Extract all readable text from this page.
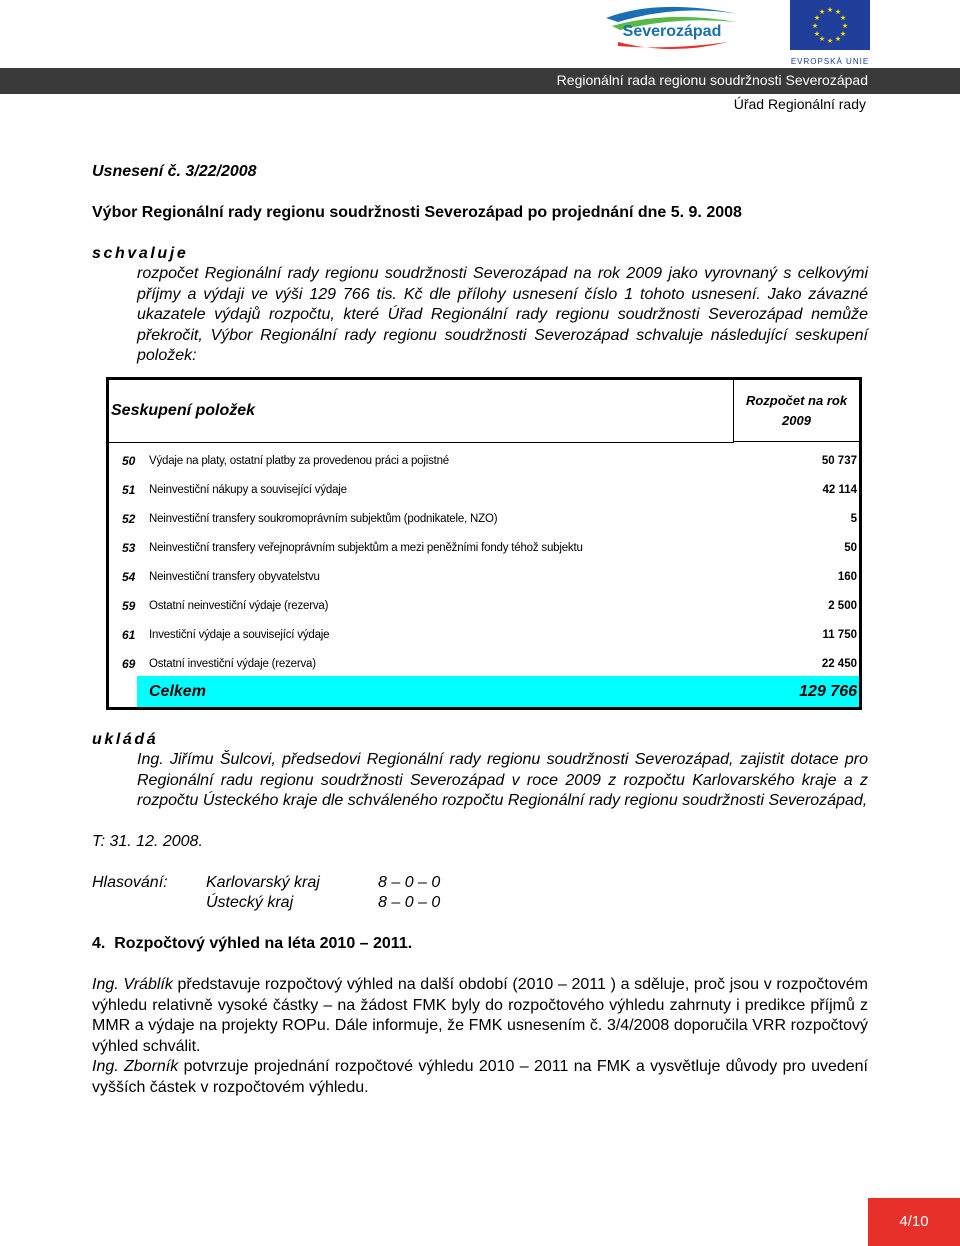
Severozápad
★ ★
★
★
★
★
★
★
★
★
★
★
EVROPSKÁ UNIE
Regionální rada regionu soudržnosti Severozápad
Úřad Regionální rady
Usnesení č. 3/22/2008
Výbor Regionální rady regionu soudržnosti Severozápad po projednání dne 5. 9. 2008
schvaluje
rozpočet Regionální rady regionu soudržnosti Severozápad na rok 2009 jako vyrovnaný s celkovými příjmy a výdaji ve výši 129 766 tis. Kč dle přílohy usnesení číslo 1 tohoto usnesení. Jako závazné ukazatele výdajů rozpočtu, které Úřad Regionální rady regionu soudržnosti Severozápad nemůže překročit, Výbor Regionální rady regionu soudržnosti Severozápad schvaluje následující seskupení položek:
Seskupení položek
Rozpočet na rok
2009
50 Výdaje na platy, ostatní platby za provedenou práci a pojistné	50 737
51 Neinvestiční nákupy a související výdaje	42 114
52 Neinvestiční transfery soukromoprávním subjektům (podnikatele, NZO)	5
53 Neinvestiční transfery veřejnoprávním subjektům a mezi peněžními fondy téhož subjektu	50
54 Neinvestiční transfery obyvatelstvu	160
59 Ostatní neinvestiční výdaje (rezerva)	2 500
61 Investiční výdaje a související výdaje	11 750
69 Ostatní investiční výdaje (rezerva)	22 450
Celkem	129 766
ukládá
Ing. Jiřímu Šulcovi, předsedovi Regionální rady regionu soudržnosti Severozápad, zajistit dotace pro Regionální radu regionu soudržnosti Severozápad v roce 2009 z rozpočtu Karlovarského kraje a z rozpočtu Ústeckého kraje dle schváleného rozpočtu Regionální rady regionu soudržnosti Severozápad,
T: 31. 12. 2008.
Hlasování: Karlovarský kraj	8 – 0 – 0
Ústecký kraj	8 – 0 – 0
4.  Rozpočtový výhled na léta 2010 – 2011.
Ing. Vráblík představuje rozpočtový výhled na další období (2010 – 2011 ) a sděluje, proč jsou v rozpočtovém výhledu relativně vysoké částky – na žádost FMK byly do rozpočtového výhledu zahrnuty i predikce příjmů z MMR a výdaje na projekty ROPu. Dále informuje, že FMK usnesením č. 3/4/2008 doporučila VRR rozpočtový výhled schválit.
Ing. Zborník potvrzuje projednání rozpočtové výhledu 2010 – 2011 na FMK a vysvětluje důvody pro uvedení vyšších částek v rozpočtovém výhledu.
4/10
